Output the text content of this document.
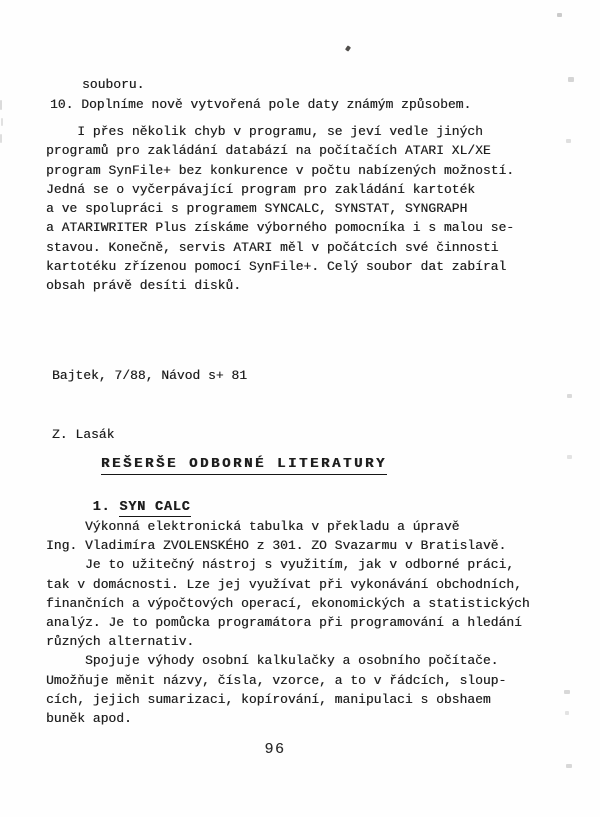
souboru.
10. Doplníme nově vytvořená pole daty známým způsobem.
I přes několik chyb v programu, se jeví vedle jiných
programů pro zakládání databází na počítačích ATARI XL/XE
program SynFile+ bez konkurence v počtu nabízených možností.
Jedná se o vyčerpávající program pro zakládání kartoték
a ve spolupráci s programem SYNCALC, SYNSTAT, SYNGRAPH
a ATARIWRITER Plus získáme výborného pomocníka i s malou se-
stavou. Konečně, servis ATARI měl v počátcích své činnosti
kartotéku zřízenou pomocí SynFile+. Celý soubor dat zabíral
obsah právě desíti disků.

Bajtek, 7/88, Návod s+ 81

Z. Lasák

REŠERŠE ODBORNÉ LITERATURY

1. SYN CALC

Výkonná elektronická tabulka v překladu a úpravě
Ing. Vladimíra ZVOLENSKÉHO z 301. ZO Svazarmu v Bratislavě.
Je to užitečný nástroj s využitím, jak v odborné práci,
tak v domácnosti. Lze jej využívat při vykonávání obchodních,
finančních a výpočtových operací, ekonomických a statistických
analýz. Je to pomůcka programátora při programování a hledání
různých alternativ.
Spojuje výhody osobní kalkulačky a osobního počítače.
Umožňuje měnit názvy, čísla, vzorce, a to v řádcích, sloup-
cích, jejich sumarizaci, kopírování, manipulaci s obshaem
buněk apod.
96
